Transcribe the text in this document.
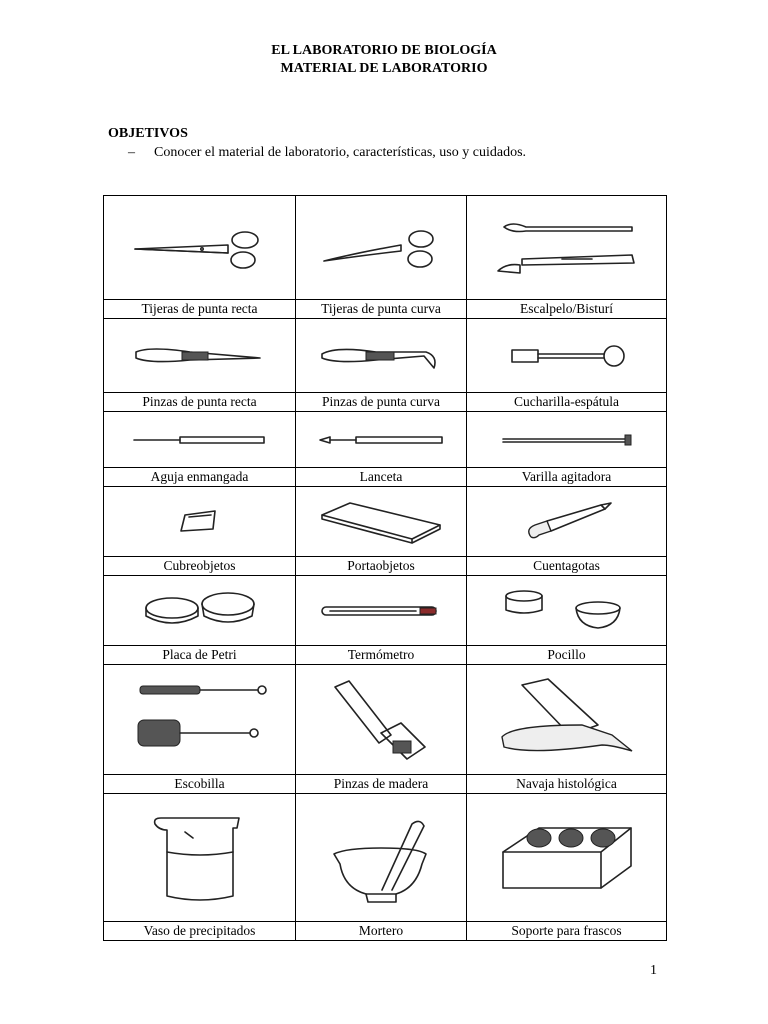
EL LABORATORIO DE BIOLOGÍA
MATERIAL DE LABORATORIO
OBJETIVOS
– Conocer el material de laboratorio, características, uso y cuidados.

Tijeras de punta recta	Tijeras de punta curva	Escalpelo/Bisturí

Pinzas de punta recta	Pinzas de punta curva	Cucharilla-espátula

Aguja enmangada	Lanceta	Varilla agitadora

Cubreobjetos	Portaobjetos	Cuentagotas

Placa de Petri	Termómetro	Pocillo

Escobilla	Pinzas de madera	Navaja histológica

Vaso de precipitados	Mortero	Soporte para frascos
1
